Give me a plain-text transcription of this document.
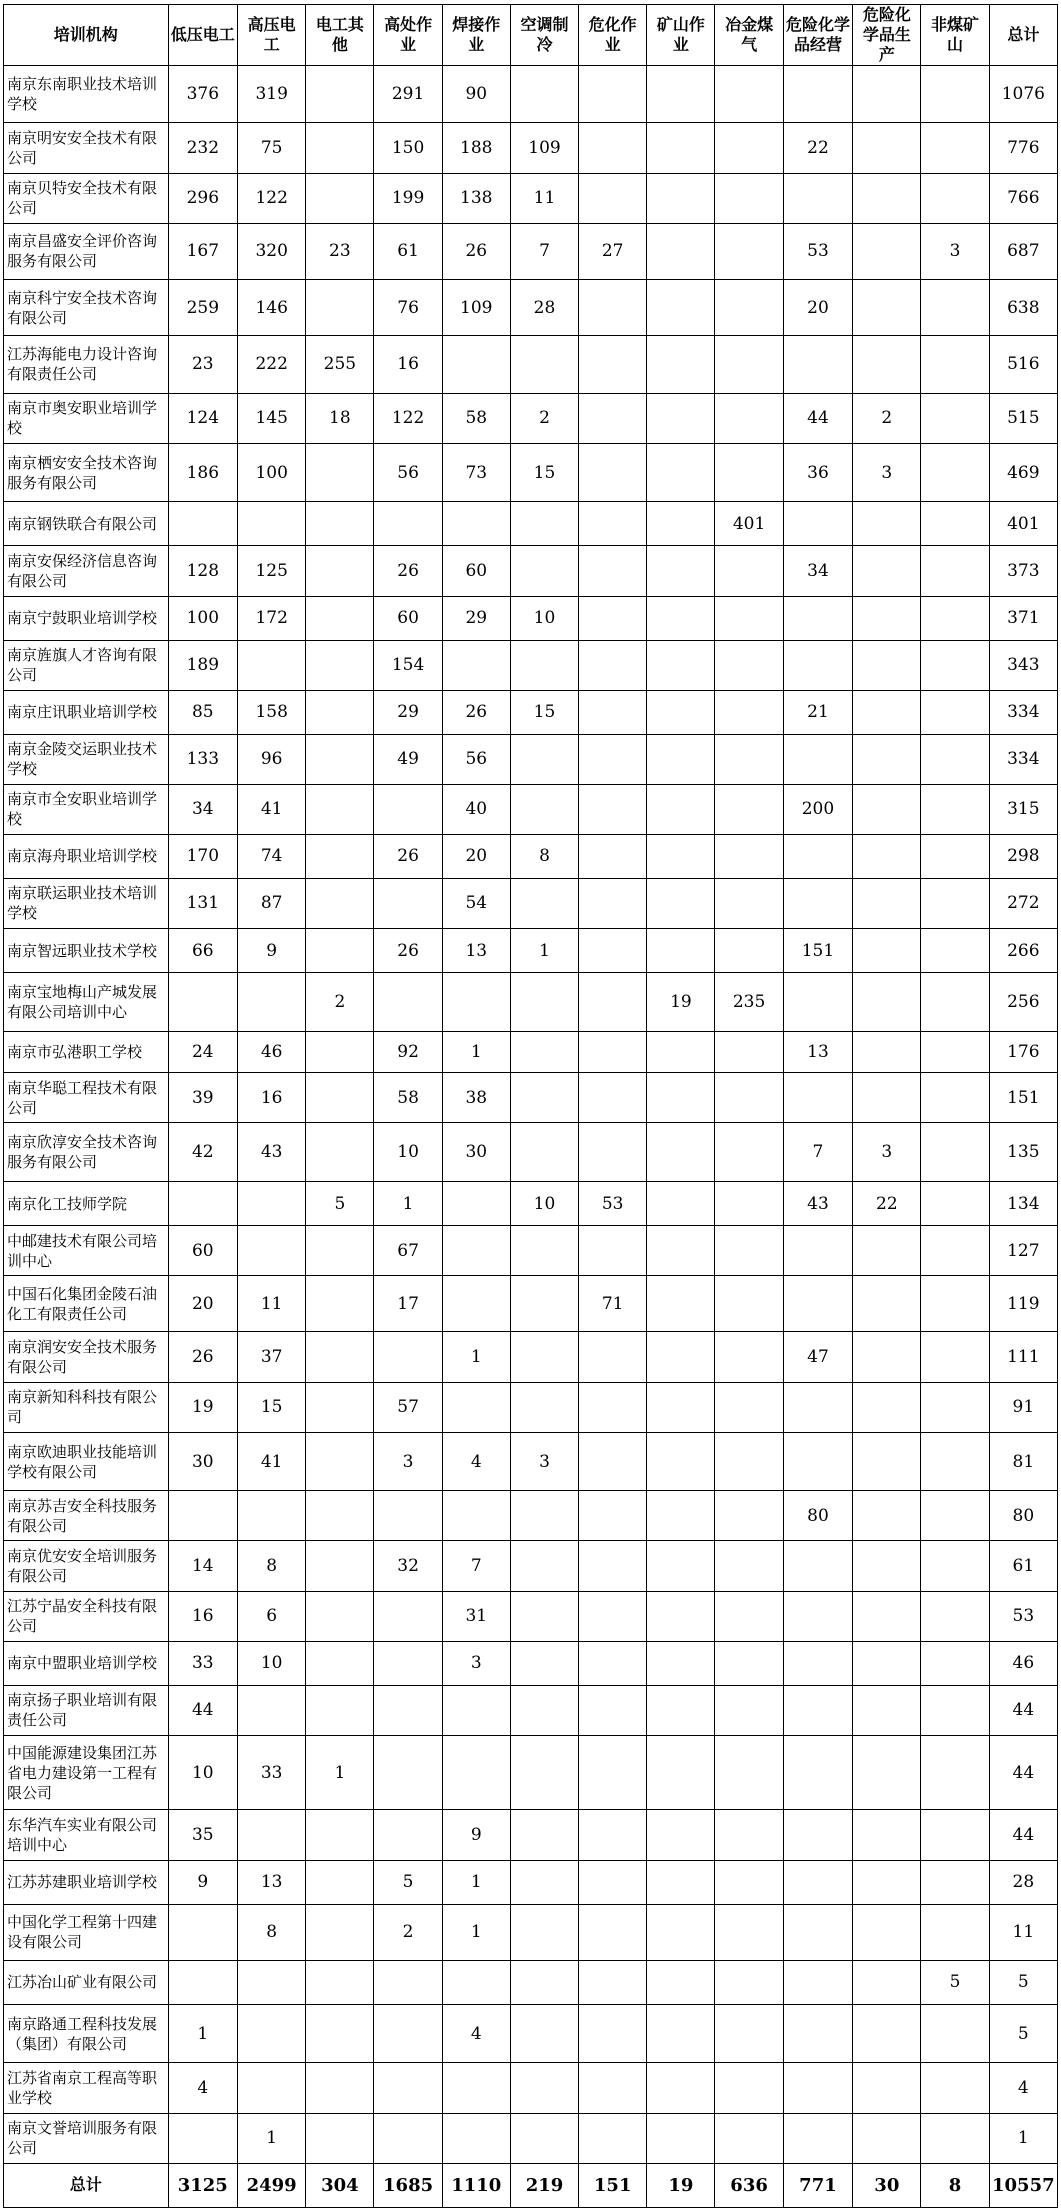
培训机构	低压电工	高压电工	电工其他	高处作业	焊接作业	空调制冷	危化作业	矿山作业	冶金煤气	危险化学品经营	危险化学品生产	非煤矿山	总计
南京东南职业技术培训学校	376	319		291	90								1076
南京明安安全技术有限公司	232	75		150	188	109				22			776
南京贝特安全技术有限公司	296	122		199	138	11							766
南京昌盛安全评价咨询服务有限公司	167	320	23	61	26	7	27			53		3	687
南京科宁安全技术咨询有限公司	259	146		76	109	28				20			638
江苏海能电力设计咨询有限责任公司	23	222	255	16									516
南京市奥安职业培训学校	124	145	18	122	58	2				44	2		515
南京栖安安全技术咨询服务有限公司	186	100		56	73	15				36	3		469
南京钢铁联合有限公司									401				401
南京安保经济信息咨询有限公司	128	125		26	60					34			373
南京宁鼓职业培训学校	100	172		60	29	10							371
南京旌旗人才咨询有限公司	189			154									343
南京庄讯职业培训学校	85	158		29	26	15				21			334
南京金陵交运职业技术学校	133	96		49	56								334
南京市全安职业培训学校	34	41			40					200			315
南京海舟职业培训学校	170	74		26	20	8							298
南京联运职业技术培训学校	131	87			54								272
南京智远职业技术学校	66	9		26	13	1				151			266
南京宝地梅山产城发展有限公司培训中心			2					19	235				256
南京市弘港职工学校	24	46		92	1					13			176
南京华聪工程技术有限公司	39	16		58	38								151
南京欣淳安全技术咨询服务有限公司	42	43		10	30					7	3		135
南京化工技师学院			5	1		10	53			43	22		134
中邮建技术有限公司培训中心	60			67									127
中国石化集团金陵石油化工有限责任公司	20	11		17			71						119
南京润安安全技术服务有限公司	26	37			1					47			111
南京新知科科技有限公司	19	15		57									91
南京欧迪职业技能培训学校有限公司	30	41		3	4	3							81
南京苏吉安全科技服务有限公司										80			80
南京优安安全培训服务有限公司	14	8		32	7								61
江苏宁晶安全科技有限公司	16	6			31								53
南京中盟职业培训学校	33	10			3								46
南京扬子职业培训有限责任公司	44												44
中国能源建设集团江苏省电力建设第一工程有限公司	10	33	1										44
东华汽车实业有限公司培训中心	35				9								44
江苏苏建职业培训学校	9	13		5	1								28
中国化学工程第十四建设有限公司		8		2	1								11
江苏冶山矿业有限公司												5	5
南京路通工程科技发展（集团）有限公司	1				4								5
江苏省南京工程高等职业学校	4												4
南京文誉培训服务有限公司		1											1
总计	3125	2499	304	1685	1110	219	151	19	636	771	30	8	10557
